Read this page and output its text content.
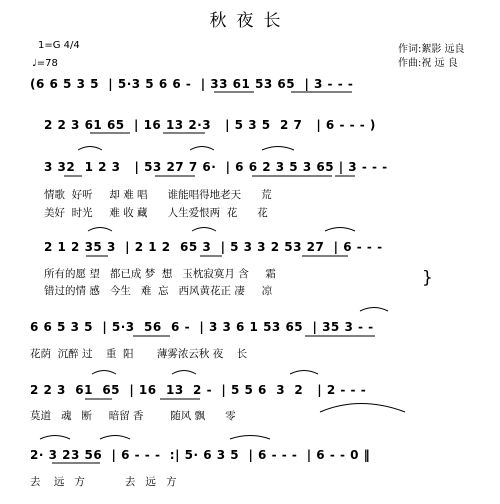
秋夜长
1=G 4/4
♩=78
作词:絮影 远良
作曲:祝 远 良
(6 6 5 3 5  | 5·3 5 6 6 -  | 33 61 53 65  | 3 - - -
2 2 3 61 65  | 16 13 2·3   | 5 3 5  2 7   | 6 - - - )
3 32  1 2 3   | 53 27 7 6·  | 6 6 2 3 5 3 65 | 3 - - -
情歌  好听     却 难 唱      谁能唱得地老天      荒
美好  时光     难 收 藏      人生爱恨两  花      花
2 1 2 35 3  | 2 1 2  65 3  | 5 3 3 2 53 27  | 6 - - -
所有的愿 望   都已成 梦  想   玉枕寂寞月 含     霜
错过的情 感   今生   难  忘   西风黄花正 凄     凉
}
6 6 5 3 5  | 5·3  56  6 -  | 3 3 6 1 53 65  | 35 3 - -
花荫  沉醉 过    重  阳       薄雾浓云秋 夜    长
2 2 3  61  65  | 16  13  2 -  | 5 5 6  3  2   | 2 - - -
莫道   魂   断     暗留 香        随风 飘      零
2· 3 23 56  | 6 - - -  :| 5· 6 3 5  | 6 - - -  | 6 - - 0 ‖
去    远   方            去   远   方
